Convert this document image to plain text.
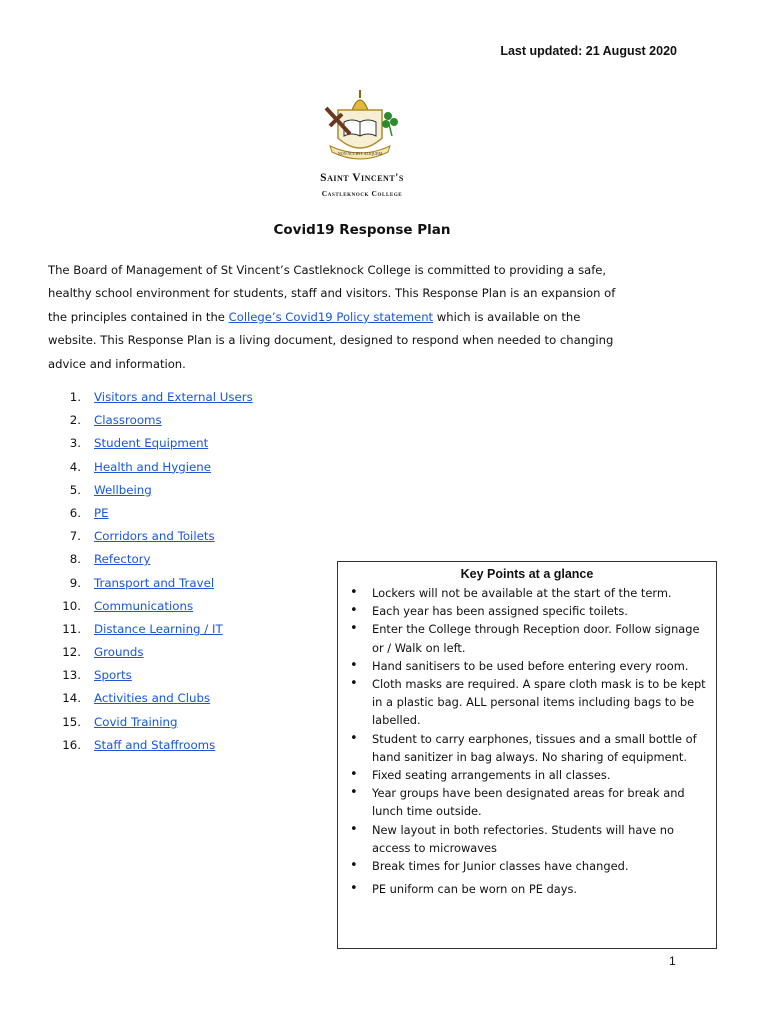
Last updated: 21 August 2020
NON ACCIPIT ALIQUEM
Saint Vincent's
Castleknock College
Covid19 Response Plan
The Board of Management of St Vincent’s Castleknock College is committed to providing a safe,
healthy school environment for students, staff and visitors. This Response Plan is an expansion of
the principles contained in the College’s Covid19 Policy statement which is available on the
website. This Response Plan is a living document, designed to respond when needed to changing
advice and information.
1. Visitors and External Users
2. Classrooms
3. Student Equipment
4. Health and Hygiene
5. Wellbeing
6. PE
7. Corridors and Toilets
8. Refectory
9. Transport and Travel
10. Communications
11. Distance Learning / IT
12. Grounds
13. Sports
14. Activities and Clubs
15. Covid Training
16. Staff and Staffrooms
Key Points at a glance
• Lockers will not be available at the start of the term.
• Each year has been assigned specific toilets.
• Enter the College through Reception door. Follow signage or / Walk on left.
• Hand sanitisers to be used before entering every room.
• Cloth masks are required. A spare cloth mask is to be kept in a plastic bag. ALL personal items including bags to be labelled.
• Student to carry earphones, tissues and a small bottle of hand sanitizer in bag always. No sharing of equipment.
• Fixed seating arrangements in all classes.
• Year groups have been designated areas for break and lunch time outside.
• New layout in both refectories. Students will have no access to microwaves
• Break times for Junior classes have changed.
• PE uniform can be worn on PE days.
1
